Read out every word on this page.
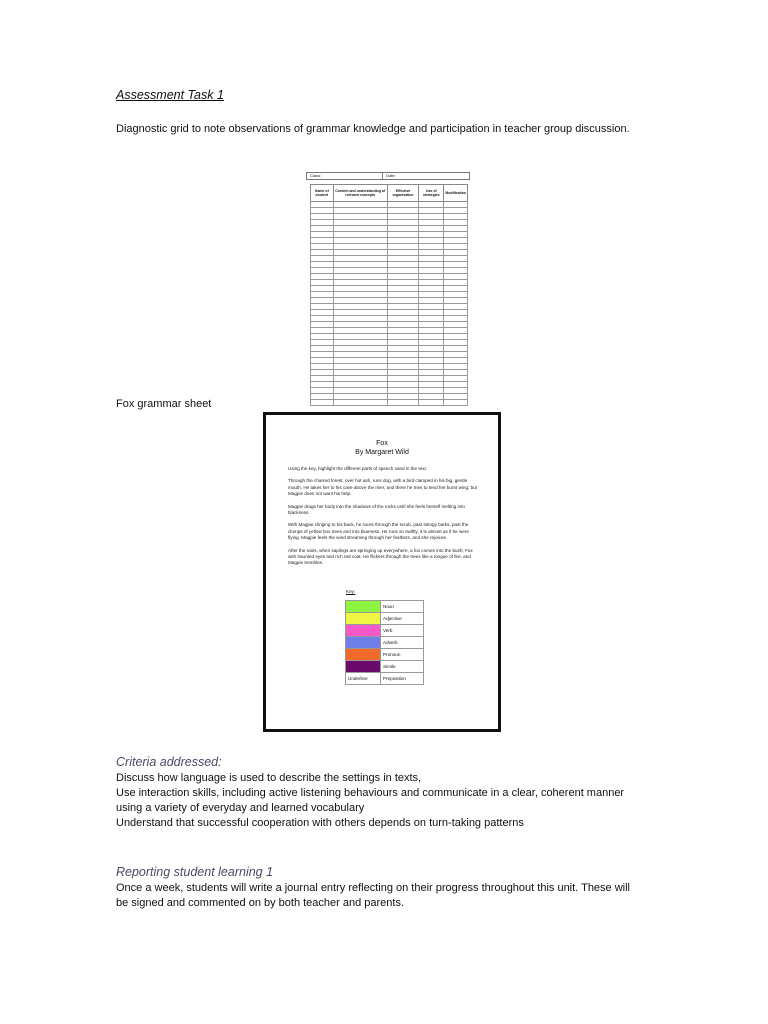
Assessment Task 1
Diagnostic grid to note observations of grammar knowledge and participation in teacher group discussion.
Class:	Date:
Name of student	Content and understanding of relevant concepts	Effective organisation	Use of strategies	Modification

Fox grammar sheet
Fox
By Margaret Wild
Using the key, highlight the different parts of speech used in the text.
Through the charred forest, over hot ash, runs dog, with a bird clamped in his big, gentle mouth. He takes her to his cave above the river, and there he tries to tend her burnt wing; but Magpie does not want his help.
Magpie drags her body into the shadows of the rocks until she feels herself melting into blackness.
With Magpie clinging to his back, he races through the scrub, past stringy barks, past the clumps of yellow box trees and into blueness. He runs so swiftly, it is almost as if he were flying. Magpie feels the wind streaming through her feathers, and she rejoices.
After the rains, when saplings are springing up everywhere, a fox comes into the bush; Fox with haunted eyes and rich red coat. He flickers through the trees like a tongue of fire, and Magpie trembles.
Key:
	Noun
	Adjective
	Verb
	Adverb
	Pronoun
	Simile
Underline	Preposition
Criteria addressed:
Discuss how language is used to describe the settings in texts,
Use interaction skills, including active listening behaviours and communicate in a clear, coherent manner using a variety of everyday and learned vocabulary
Understand that successful cooperation with others depends on turn-taking patterns
Reporting student learning 1
Once a week, students will write a journal entry reflecting on their progress throughout this unit. These will be signed and commented on by both teacher and parents.
